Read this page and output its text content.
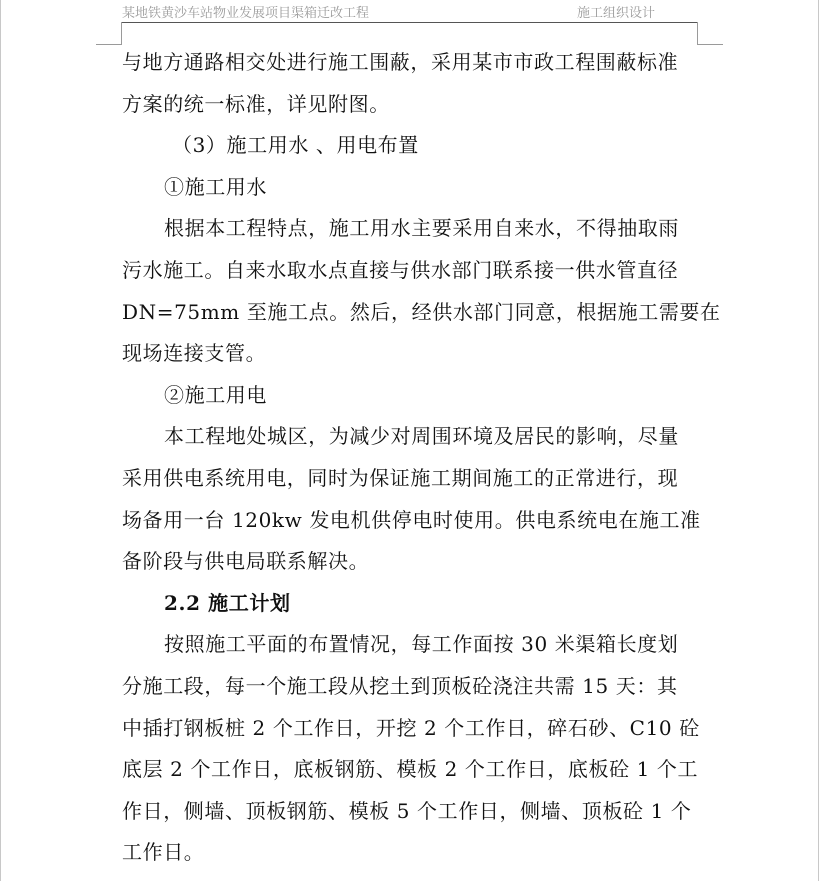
某地铁黄沙车站物业发展项目渠箱迁改工程	施工组织设计
与地方通路相交处进行施工围蔽，采用某市市政工程围蔽标准
方案的统一标准，详见附图。
（3）施工用水 、用电布置
①施工用水
根据本工程特点，施工用水主要采用自来水，不得抽取雨
污水施工。自来水取水点直接与供水部门联系接一供水管直径
DN=75mm 至施工点。然后，经供水部门同意，根据施工需要在
现场连接支管。
②施工用电
本工程地处城区，为减少对周围环境及居民的影响，尽量
采用供电系统用电，同时为保证施工期间施工的正常进行，现
场备用一台 120kw 发电机供停电时使用。供电系统电在施工准
备阶段与供电局联系解决。
2.2 施工计划
按照施工平面的布置情况，每工作面按 30 米渠箱长度划
分施工段，每一个施工段从挖土到顶板砼浇注共需 15 天：其
中插打钢板桩 2 个工作日，开挖 2 个工作日，碎石砂、C10 砼
底层 2 个工作日，底板钢筋、模板 2 个工作日，底板砼 1 个工
作日，侧墙、顶板钢筋、模板 5 个工作日，侧墙、顶板砼 1 个
工作日。
